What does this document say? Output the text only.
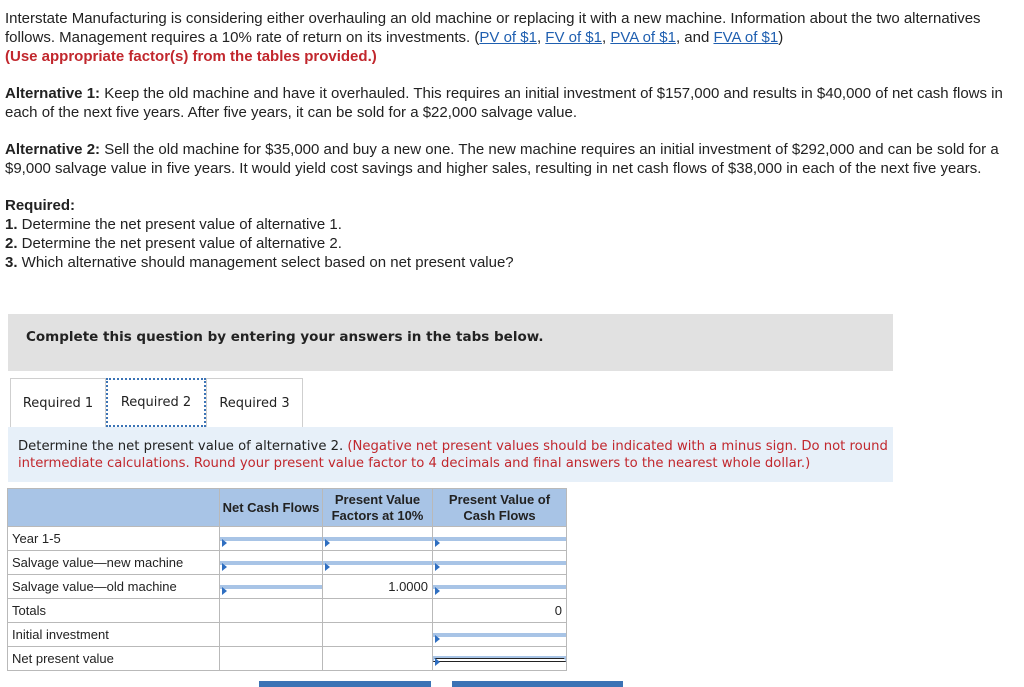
Interstate Manufacturing is considering either overhauling an old machine or replacing it with a new machine. Information about the two alternatives follows. Management requires a 10% rate of return on its investments. (PV of $1, FV of $1, PVA of $1, and FVA of $1)
(Use appropriate factor(s) from the tables provided.)

Alternative 1: Keep the old machine and have it overhauled. This requires an initial investment of $157,000 and results in $40,000 of net cash flows in each of the next five years. After five years, it can be sold for a $22,000 salvage value.

Alternative 2: Sell the old machine for $35,000 and buy a new one. The new machine requires an initial investment of $292,000 and can be sold for a $9,000 salvage value in five years. It would yield cost savings and higher sales, resulting in net cash flows of $38,000 in each of the next five years.

Required:
1. Determine the net present value of alternative 1.
2. Determine the net present value of alternative 2.
3. Which alternative should management select based on net present value?

Complete this question by entering your answers in the tabs below.
Required 1	Required 2	Required 3
Determine the net present value of alternative 2. (Negative net present values should be indicated with a minus sign. Do not round intermediate calculations. Round your present value factor to 4 decimals and final answers to the nearest whole dollar.)
	Net Cash Flows	Present Value Factors at 10%	Present Value of Cash Flows
Year 1-5	

Salvage value—new machine	

Salvage value—old machine		1.0000	

Totals			0
Initial investment			

Net present value			
